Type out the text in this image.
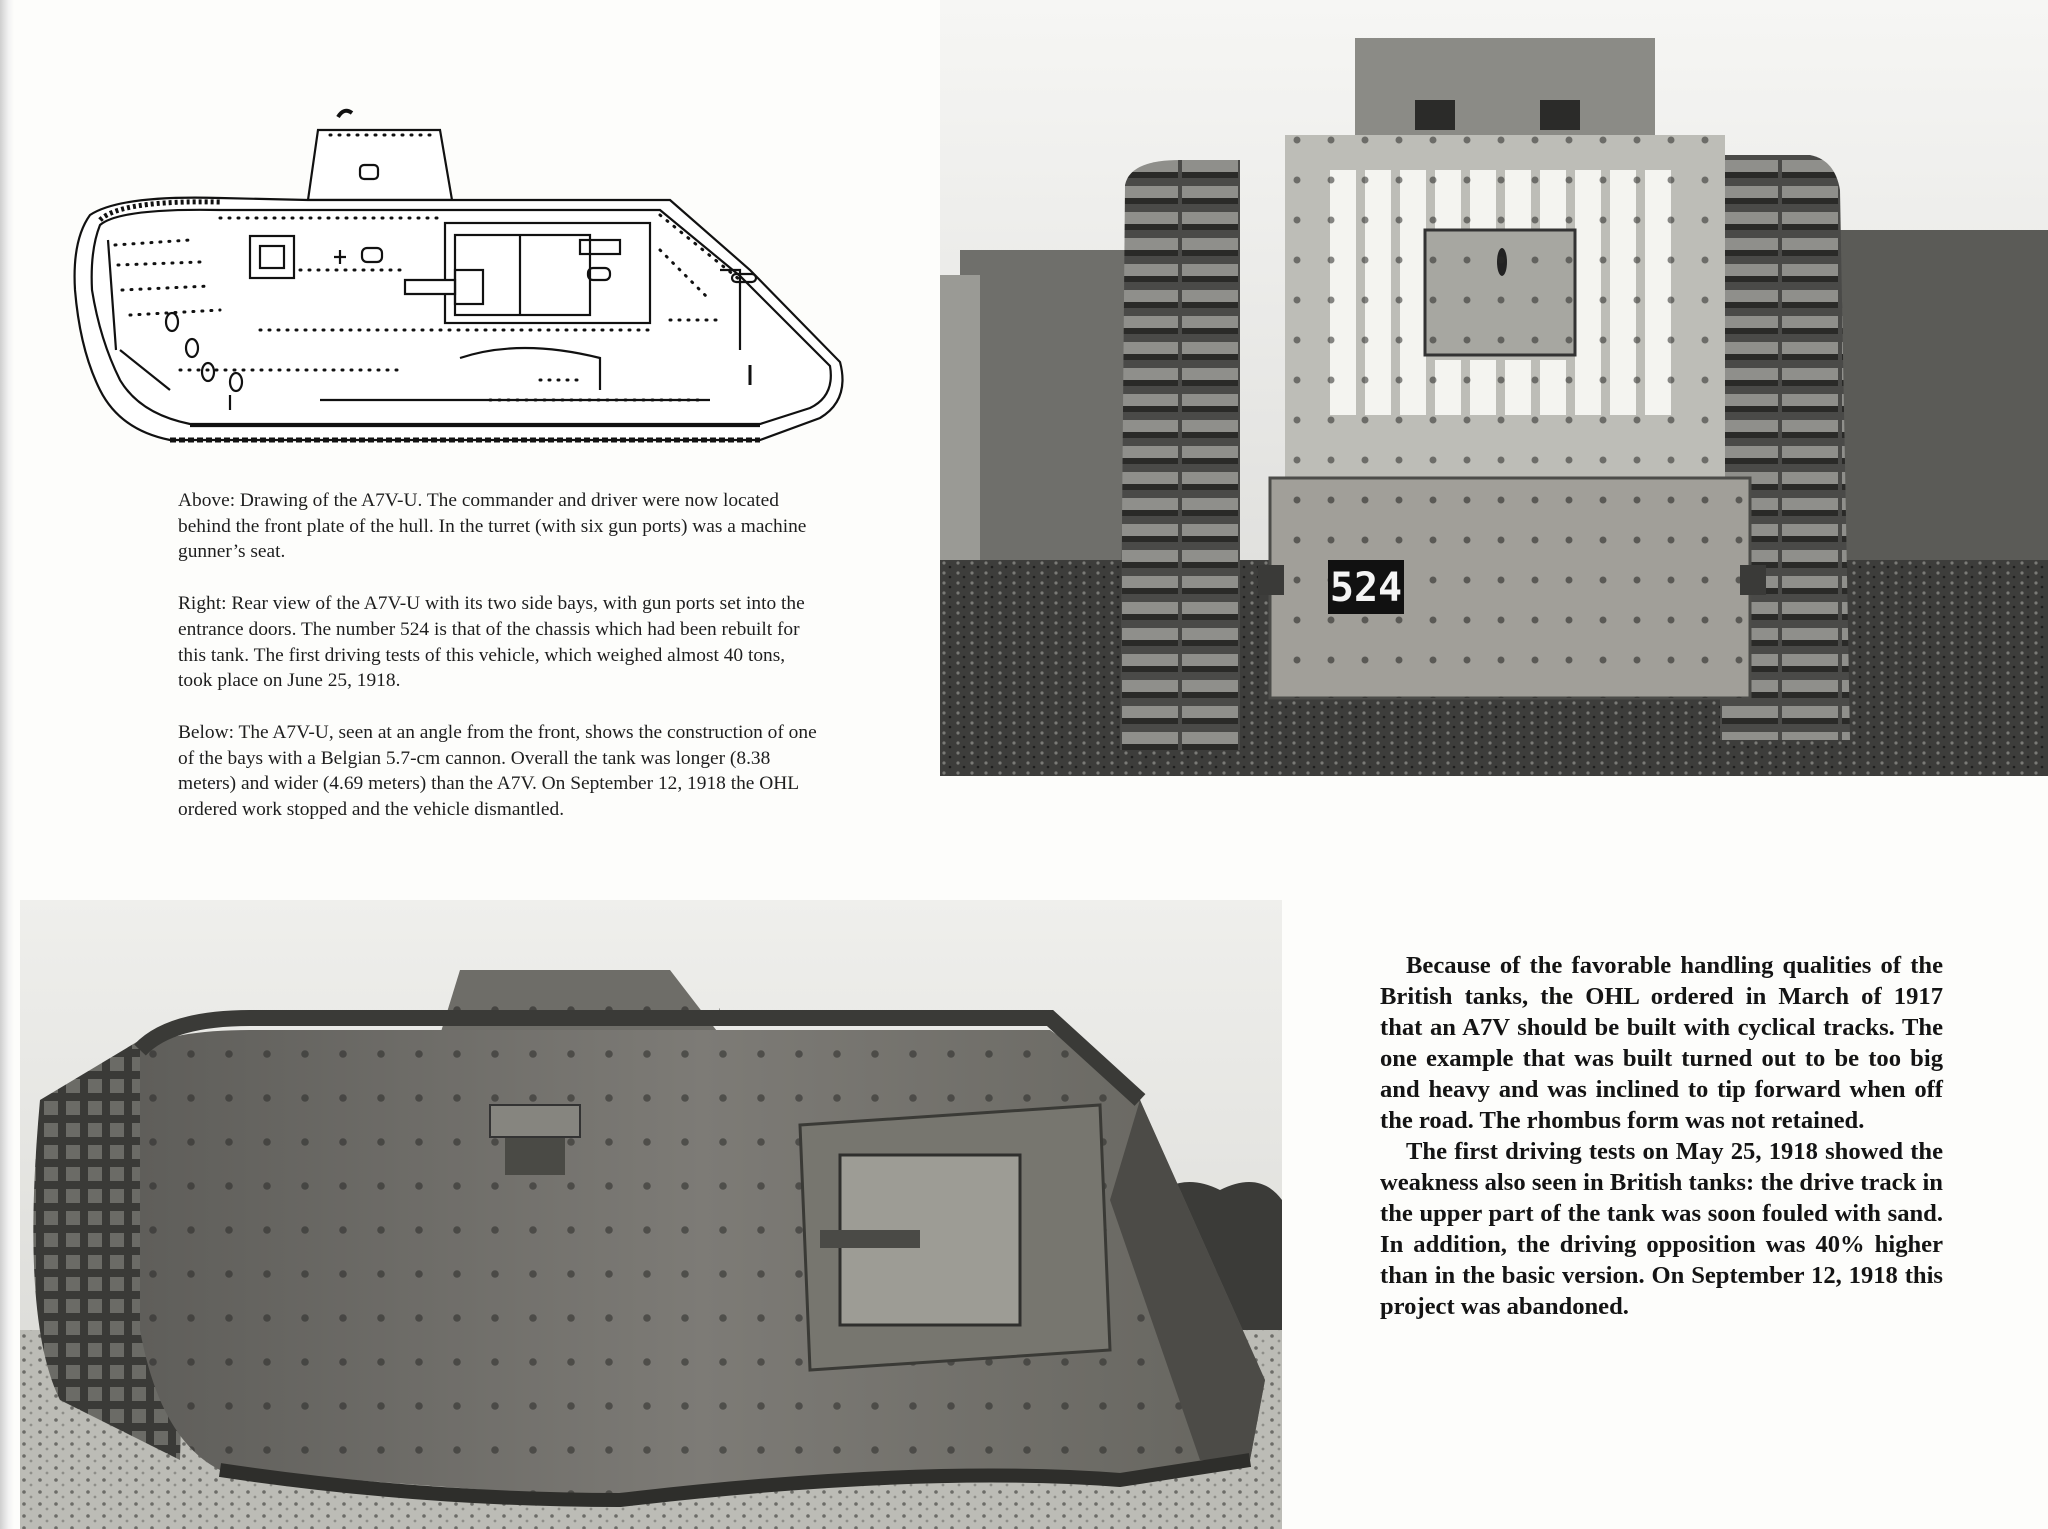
Above: Drawing of the A7V-U. The commander and driver were now located behind the front plate of the hull. In the turret (with six gun ports) was a machine gunner’s seat.

Right: Rear view of the A7V-U with its two side bays, with gun ports set into the entrance doors. The number 524 is that of the chassis which had been rebuilt for this tank. The first driving tests of this vehicle, which weighed almost 40 tons, took place on June 25, 1918.

Below: The A7V-U, seen at an angle from the front, shows the construction of one of the bays with a Belgian 5.7-cm cannon. Overall the tank was longer (8.38 meters) and wider (4.69 meters) than the A7V. On September 12, 1918 the OHL ordered work stopped and the vehicle dismantled.

524

Because of the favorable handling qualities of the British tanks, the OHL ordered in March of 1917 that an A7V should be built with cyclical tracks. The one example that was built turned out to be too big and heavy and was inclined to tip forward when off the road. The rhombus form was not retained.

The first driving tests on May 25, 1918 showed the weakness also seen in British tanks: the drive track in the upper part of the tank was soon fouled with sand. In addition, the driving opposition was 40% higher than in the basic version. On September 12, 1918 this project was abandoned.
